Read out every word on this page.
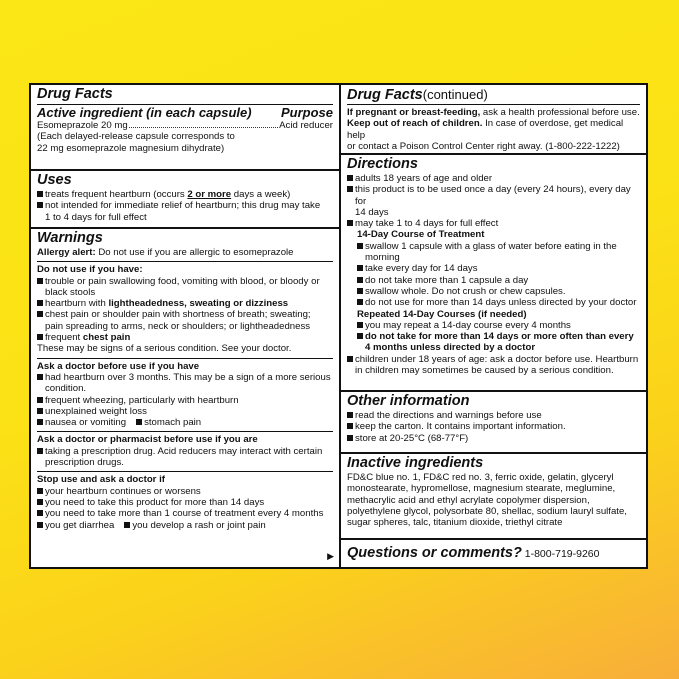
Drug Facts
Active ingredient (in each capsule) Purpose
Esomeprazole 20 mg	Acid reducer
(Each delayed-release capsule corresponds to
22 mg esomeprazole magnesium dihydrate)
Uses
treats frequent heartburn (occurs 2 or more days a week)
not intended for immediate relief of heartburn; this drug may take
1 to 4 days for full effect
Warnings
Allergy alert: Do not use if you are allergic to esomeprazole
Do not use if you have:
trouble or pain swallowing food, vomiting with blood, or bloody or
black stools
heartburn with lightheadedness, sweating or dizziness
chest pain or shoulder pain with shortness of breath; sweating;
pain spreading to arms, neck or shoulders; or lightheadedness
frequent chest pain
These may be signs of a serious condition. See your doctor.
Ask a doctor before use if you have
had heartburn over 3 months. This may be a sign of a more serious
condition.
frequent wheezing, particularly with heartburn
unexplained weight loss
nausea or vomiting stomach pain
Ask a doctor or pharmacist before use if you are
taking a prescription drug. Acid reducers may interact with certain
prescription drugs.
Stop use and ask a doctor if
your heartburn continues or worsens
you need to take this product for more than 14 days
you need to take more than 1 course of treatment every 4 months
you get diarrhea you develop a rash or joint pain
▶
Drug Facts(continued)
If pregnant or breast-feeding, ask a health professional before use.
Keep out of reach of children. In case of overdose, get medical help
or contact a Poison Control Center right away. (1-800-222-1222)
Directions
adults 18 years of age and older
this product is to be used once a day (every 24 hours), every day for
14 days
may take 1 to 4 days for full effect
14-Day Course of Treatment
swallow 1 capsule with a glass of water before eating in the
morning
take every day for 14 days
do not take more than 1 capsule a day
swallow whole. Do not crush or chew capsules.
do not use for more than 14 days unless directed by your doctor
Repeated 14-Day Courses (if needed)
you may repeat a 14-day course every 4 months
do not take for more than 14 days or more often than every
4 months unless directed by a doctor
children under 18 years of age: ask a doctor before use. Heartburn
in children may sometimes be caused by a serious condition.
Other information
read the directions and warnings before use
keep the carton. It contains important information.
store at 20-25°C (68-77°F)
Inactive ingredients
FD&C blue no. 1, FD&C red no. 3, ferric oxide, gelatin, glyceryl
monostearate, hypromellose, magnesium stearate, meglumine,
methacrylic acid and ethyl acrylate copolymer dispersion,
polyethylene glycol, polysorbate 80, shellac, sodium lauryl sulfate,
sugar spheres, talc, titanium dioxide, triethyl citrate
Questions or comments? 1-800-719-9260
